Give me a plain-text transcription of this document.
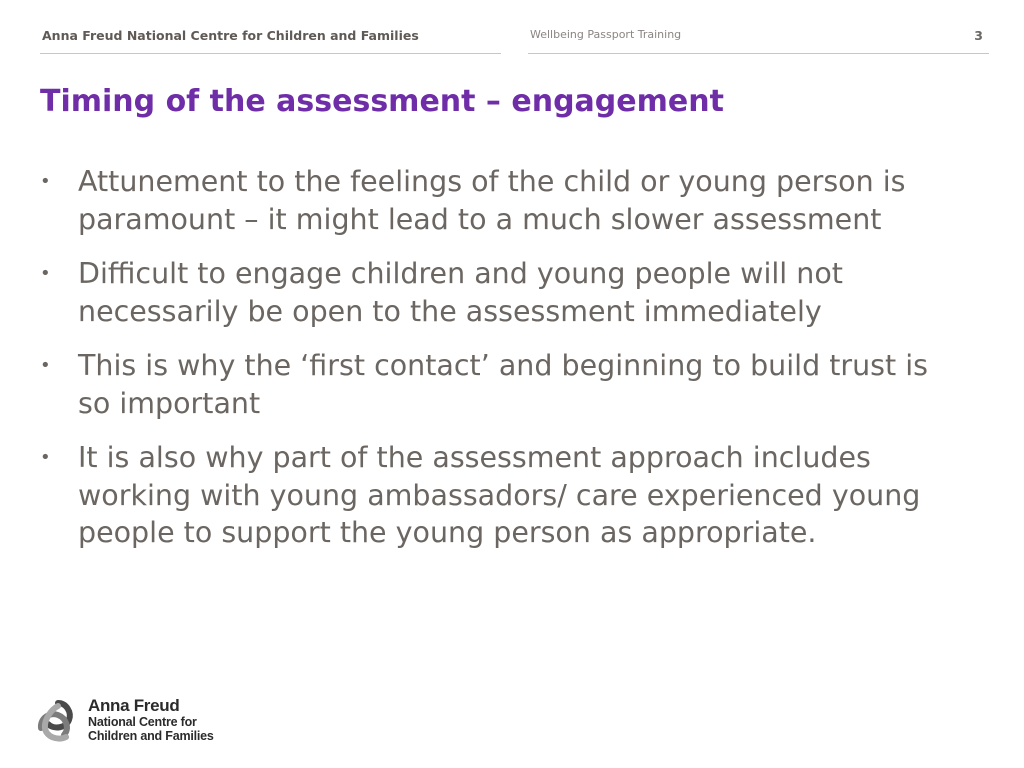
Anna Freud National Centre for Children and Families	Wellbeing Passport Training	3
Timing of the assessment – engagement
• Attunement to the feelings of the child or young person is paramount – it might lead to a much slower assessment
• Difficult to engage children and young people will not necessarily be open to the assessment immediately
• This is why the ‘first contact’ and beginning to build trust is so important
• It is also why part of the assessment approach includes working with young ambassadors/ care experienced young people to support the young person as appropriate.
Anna Freud
National Centre for
Children and Families
